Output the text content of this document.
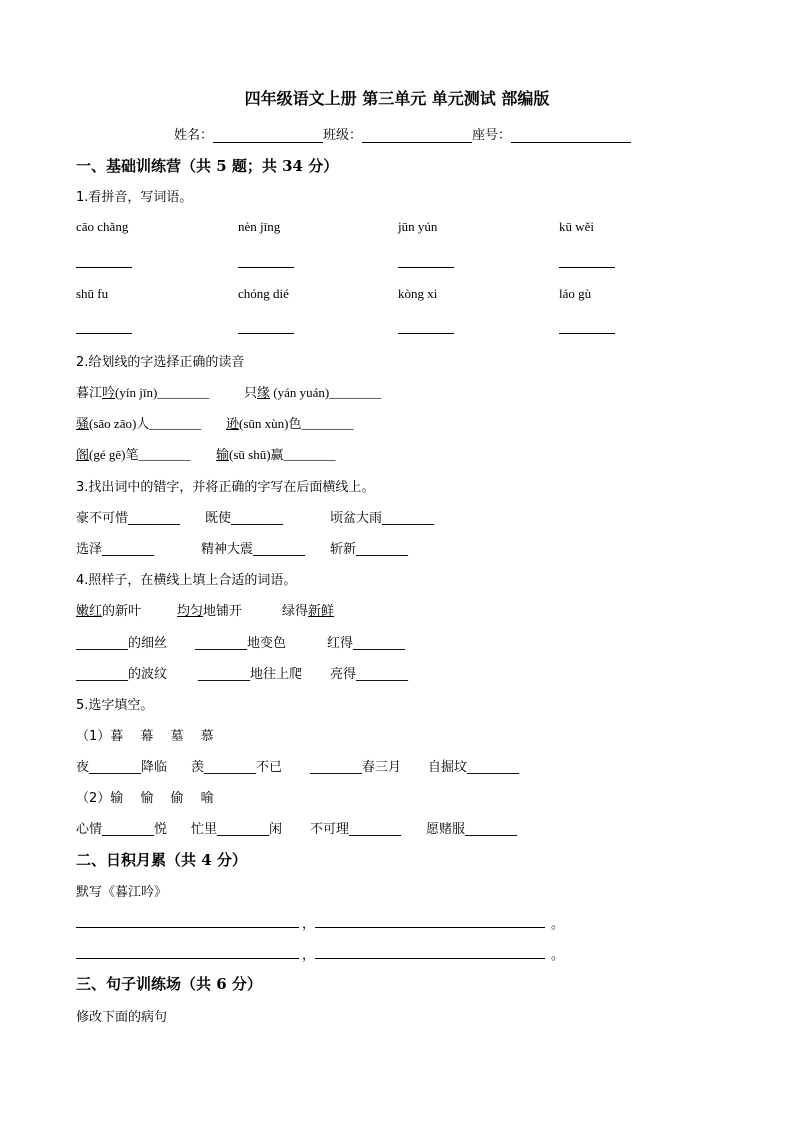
四年级语文上册 第三单元 单元测试 部编版
姓名：	班级：	座号：
一、基础训练营（共 5 题；共 34 分）
1.看拼音，写词语。
cāo chǎng	nèn jīng	jūn yún	kū wěi
shū fu	chóng dié	kòng xi	láo gù
2.给划线的字选择正确的读音
暮江吟(yín jīn)________	只缘 (yán yuán)________
骚(sāo zāo)人________ 逊(sūn xùn)色________
阁(gé gē)笔________ 输(sū shū)赢________
3.找出词中的错字，并将正确的字写在后面横线上。
豪不可惜________ 既使________	顷盆大雨________
选泽________	精神大震________ 斩新________
4.照样子，在横线上填上合适的词语。
嫩红的新叶	均匀地铺开	绿得新鲜
________的细丝 ________地变色	红得________
________的波纹 ________地往上爬 亮得________
5.选字填空。
（1）暮　 幕　 墓　 慕
夜________降临 羡________不已 ________春三月 自掘坟________
（2）输　 愉　 偷　 喻
心情________悦 忙里________闲 不可理________ 愿赌服________
二、日积月累（共 4 分）
默写《暮江吟》
，	。
，	。
三、句子训练场（共 6 分）
修改下面的病句
